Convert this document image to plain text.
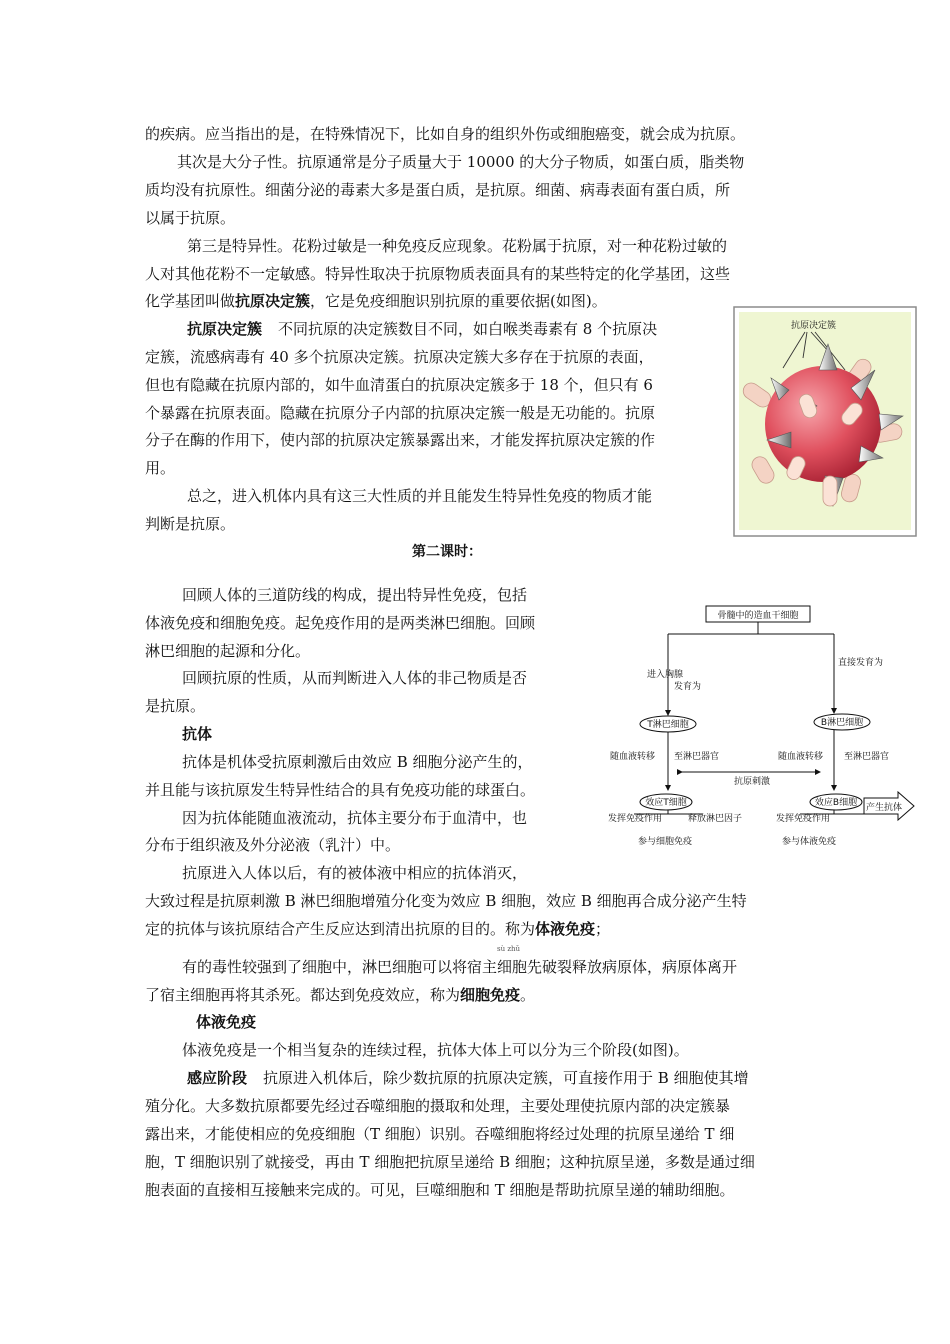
的疾病。应当指出的是，在特殊情况下，比如自身的组织外伤或细胞癌变，就会成为抗原。
其次是大分子性。抗原通常是分子质量大于 10000 的大分子物质，如蛋白质，脂类物
质均没有抗原性。细菌分泌的毒素大多是蛋白质，是抗原。细菌、病毒表面有蛋白质，所
以属于抗原。
第三是特异性。花粉过敏是一种免疫反应现象。花粉属于抗原，对一种花粉过敏的
人对其他花粉不一定敏感。特异性取决于抗原物质表面具有的某些特定的化学基团，这些
化学基团叫做抗原决定簇，它是免疫细胞识别抗原的重要依据(如图)。
抗原决定簇 不同抗原的决定簇数目不同，如白喉类毒素有 8 个抗原决
定簇，流感病毒有 40 多个抗原决定簇。抗原决定簇大多存在于抗原的表面，
但也有隐藏在抗原内部的，如牛血清蛋白的抗原决定簇多于 18 个，但只有 6
个暴露在抗原表面。隐藏在抗原分子内部的抗原决定簇一般是无功能的。抗原
分子在酶的作用下，使内部的抗原决定簇暴露出来，才能发挥抗原决定簇的作
用。
总之，进入机体内具有这三大性质的并且能发生特异性免疫的物质才能
判断是抗原。
第二课时：
回顾人体的三道防线的构成，提出特异性免疫，包括
体液免疫和细胞免疫。起免疫作用的是两类淋巴细胞。回顾
淋巴细胞的起源和分化。
回顾抗原的性质，从而判断进入人体的非己物质是否
是抗原。
抗体
抗体是机体受抗原刺激后由效应 B 细胞分泌产生的，
并且能与该抗原发生特异性结合的具有免疫功能的球蛋白。
因为抗体能随血液流动，抗体主要分布于血清中，也
分布于组织液及外分泌液（乳汁）中。
抗原进入人体以后，有的被体液中相应的抗体消灭，
大致过程是抗原刺激 B 淋巴细胞增殖分化变为效应 B 细胞，效应 B 细胞再合成分泌产生特
定的抗体与该抗原结合产生反应达到清出抗原的目的。称为体液免疫；
sù zhǔ
有的毒性较强到了细胞中，淋巴细胞可以将宿主细胞先破裂释放病原体，病原体离开
了宿主细胞再将其杀死。都达到免疫效应，称为细胞免疫。
体液免疫
体液免疫是一个相当复杂的连续过程，抗体大体上可以分为三个阶段(如图)。
感应阶段 抗原进入机体后，除少数抗原的抗原决定簇，可直接作用于 B 细胞使其增
殖分化。大多数抗原都要先经过吞噬细胞的摄取和处理，主要处理使抗原内部的决定簇暴
露出来，才能使相应的免疫细胞（T 细胞）识别。吞噬细胞将经过处理的抗原呈递给 T 细
胞，T 细胞识别了就接受，再由 T 细胞把抗原呈递给 B 细胞；这种抗原呈递，多数是通过细
胞表面的直接相互接触来完成的。可见，巨噬细胞和 T 细胞是帮助抗原呈递的辅助细胞。
抗原决定簇
骨髓中的造血干细胞
进入胸腺
发育为
直接发育为
T淋巴细胞	B淋巴细胞
随血液转移 至淋巴器官	随血液转移 至淋巴器官
抗原刺激
效应T细胞	效应B细胞 产生抗体
发挥免疫作用	释放淋巴因子	发挥免疫作用
参与细胞免疫	参与体液免疫
